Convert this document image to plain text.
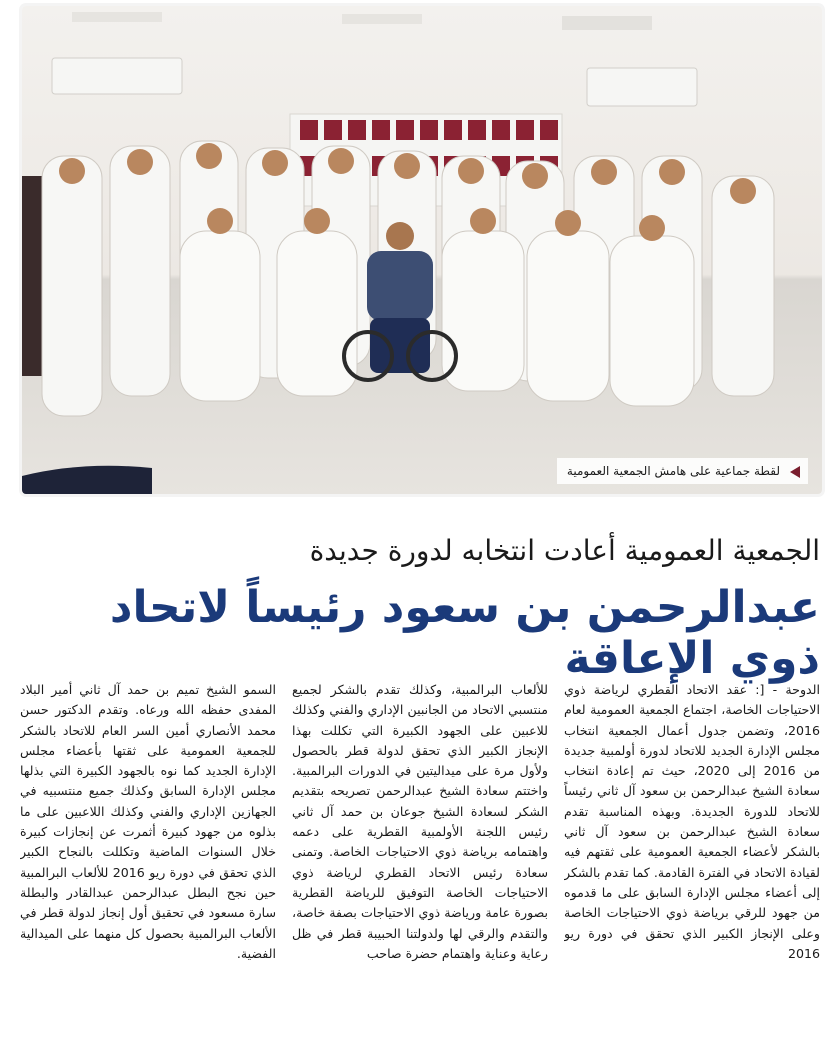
لقطة جماعية على هامش الجمعية العمومية
الجمعية العمومية أعادت انتخابه لدورة جديدة
عبدالرحمن بن سعود رئيساً لاتحاد ذوي الإعاقة

الدوحة - [: عقد الاتحاد القطري لرياضة ذوي الاحتياجات الخاصة، اجتماع الجمعية العمومية لعام 2016، وتضمن جدول أعمال الجمعية انتخاب مجلس الإدارة الجديد للاتحاد لدورة أولمبية جديدة من 2016 إلى 2020، حيث تم إعادة انتخاب سعادة الشيخ عبدالرحمن بن سعود آل ثاني رئيساً للاتحاد للدورة الجديدة. وبهذه المناسبة تقدم سعادة الشيخ عبدالرحمن بن سعود آل ثاني بالشكر لأعضاء الجمعية العمومية على ثقتهم فيه لقيادة الاتحاد في الفترة القادمة. كما تقدم بالشكر إلى أعضاء مجلس الإدارة السابق على ما قدموه من جهود للرقي برياضة ذوي الاحتياجات الخاصة وعلى الإنجاز الكبير الذي تحقق في دورة ريو 2016

للألعاب البرالمبية، وكذلك تقدم بالشكر لجميع منتسبي الاتحاد من الجانبين الإداري والفني وكذلك للاعبين على الجهود الكبيرة التي تكللت بهذا الإنجاز الكبير الذي تحقق لدولة قطر بالحصول ولأول مرة على ميداليتين في الدورات البرالمبية. واختتم سعادة الشيخ عبدالرحمن تصريحه بتقديم الشكر لسعادة الشيخ جوعان بن حمد آل ثاني رئيس اللجنة الأولمبية القطرية على دعمه واهتمامه برياضة ذوي الاحتياجات الخاصة. وتمنى سعادة رئيس الاتحاد القطري لرياضة ذوي الاحتياجات الخاصة التوفيق للرياضة القطرية بصورة عامة ورياضة ذوي الاحتياجات بصفة خاصة، والتقدم والرقي لها ولدولتنا الحبيبة قطر في ظل رعاية وعناية واهتمام حضرة صاحب

السمو الشيخ تميم بن حمد آل ثاني أمير البلاد المفدى حفظه الله ورعاه. وتقدم الدكتور حسن محمد الأنصاري أمين السر العام للاتحاد بالشكر للجمعية العمومية على ثقتها بأعضاء مجلس الإدارة الجديد كما نوه بالجهود الكبيرة التي بذلها مجلس الإدارة السابق وكذلك جميع منتسبيه في الجهازين الإداري والفني وكذلك اللاعبين على ما بذلوه من جهود كبيرة أثمرت عن إنجازات كبيرة خلال السنوات الماضية وتكللت بالنجاح الكبير الذي تحقق في دورة ريو 2016 للألعاب البرالمبية حين نجح البطل عبدالرحمن عبدالقادر والبطلة سارة مسعود في تحقيق أول إنجاز لدولة قطر في الألعاب البرالمبية بحصول كل منهما على الميدالية الفضية.
